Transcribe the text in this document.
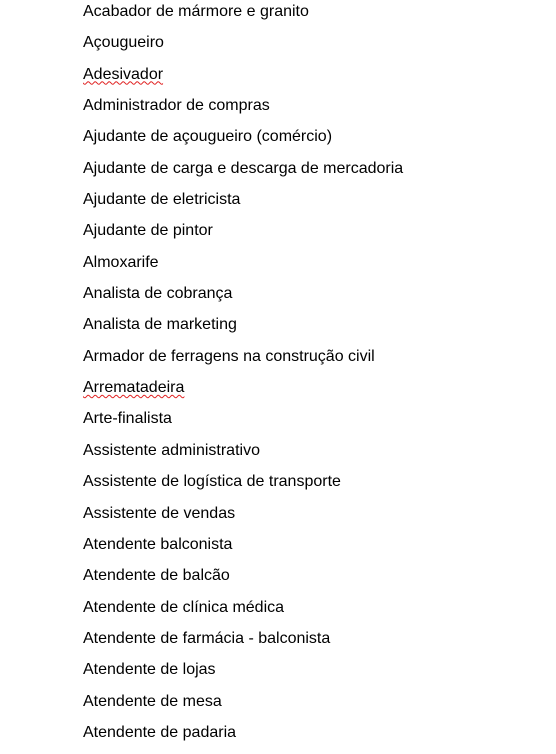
Acabador de mármore e granito
Açougueiro
Adesivador
Administrador de compras
Ajudante de açougueiro (comércio)
Ajudante de carga e descarga de mercadoria
Ajudante de eletricista
Ajudante de pintor
Almoxarife
Analista de cobrança
Analista de marketing
Armador de ferragens na construção civil
Arrematadeira
Arte-finalista
Assistente administrativo
Assistente de logística de transporte
Assistente de vendas
Atendente balconista
Atendente de balcão
Atendente de clínica médica
Atendente de farmácia - balconista
Atendente de lojas
Atendente de mesa
Atendente de padaria
